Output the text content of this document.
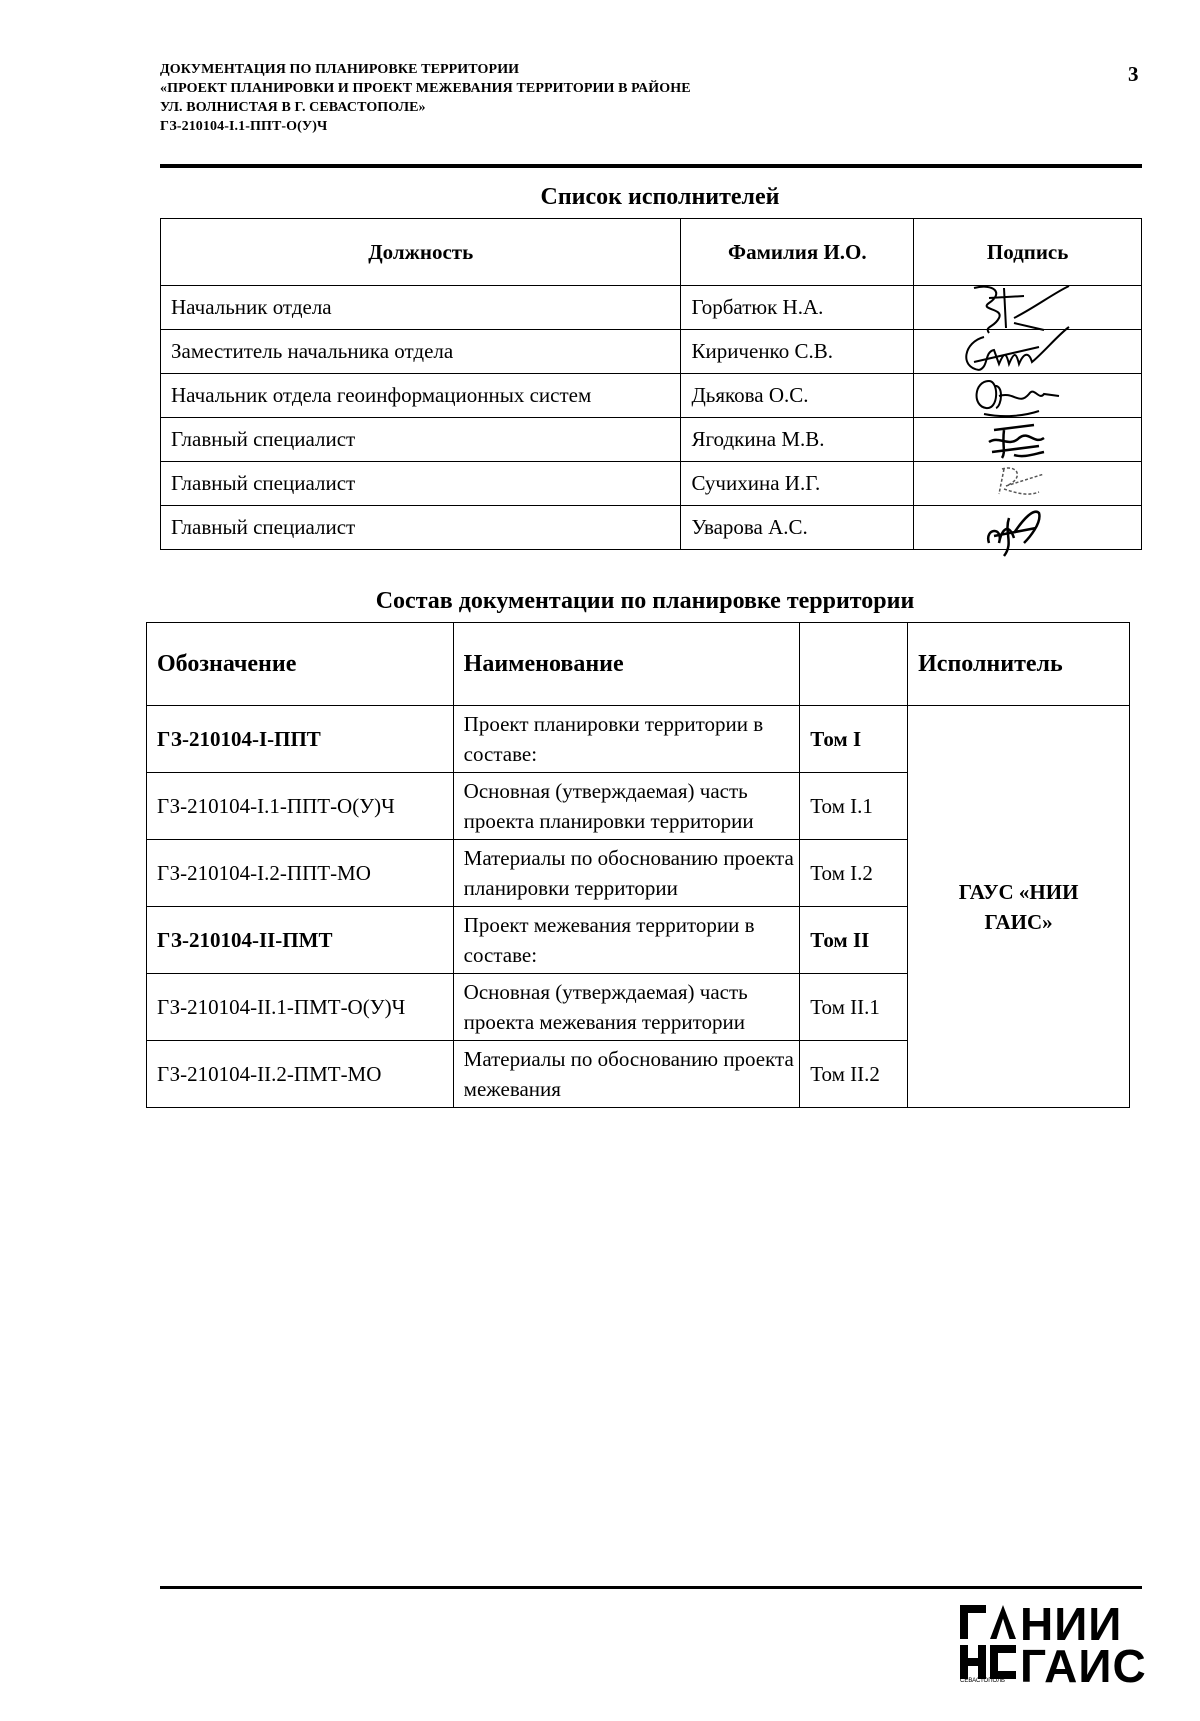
ДОКУМЕНТАЦИЯ ПО ПЛАНИРОВКЕ ТЕРРИТОРИИ
«ПРОЕКТ ПЛАНИРОВКИ И ПРОЕКТ МЕЖЕВАНИЯ ТЕРРИТОРИИ В РАЙОНЕ
УЛ. ВОЛНИСТАЯ В Г. СЕВАСТОПОЛЕ»
ГЗ-210104-I.1-ППТ-О(У)Ч
3
Список исполнителей
Должность	Фамилия И.О.	Подпись
Начальник отдела	Горбатюк Н.А.	

Заместитель начальника отдела	Кириченко С.В.	

Начальник отдела геоинформационных систем	Дьякова О.С.	

Главный специалист	Ягодкина М.В.	

Главный специалист	Сучихина И.Г.	

Главный специалист	Уварова А.С.	
Состав документации по планировке территории
Обозначение	Наименование		Исполнитель
ГЗ-210104-I-ППТ	Проект планировки территории в составе:	Том I	ГАУС «НИИ ГАИС»
ГЗ-210104-I.1-ППТ-О(У)Ч	Основная (утверждаемая) часть проекта планировки территории	Том I.1	
ГЗ-210104-I.2-ППТ-МО	Материалы по обоснованию проекта планировки территории	Том I.2	
ГЗ-210104-II-ПМТ	Проект межевания территории в составе:	Том II	
ГЗ-210104-II.1-ПМТ-О(У)Ч	Основная (утверждаемая) часть проекта межевания территории	Том II.1	
ГЗ-210104-II.2-ПМТ-МО	Материалы по обоснованию проекта межевания	Том II.2	
НИИ
ГАИС
СЕВАСТОПОЛЬ
